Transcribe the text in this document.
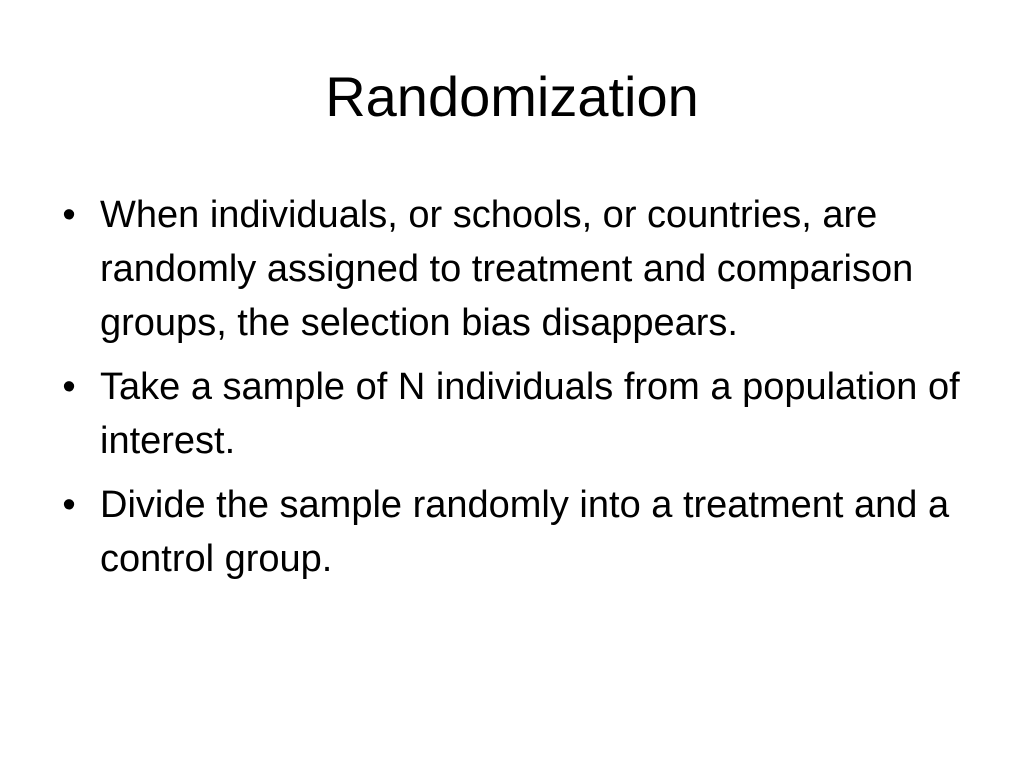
Randomization
• When individuals, or schools, or countries, are randomly assigned to treatment and comparison groups, the selection bias disappears.
• Take a sample of N individuals from a population of interest.
• Divide the sample randomly into a treatment and a control group.
